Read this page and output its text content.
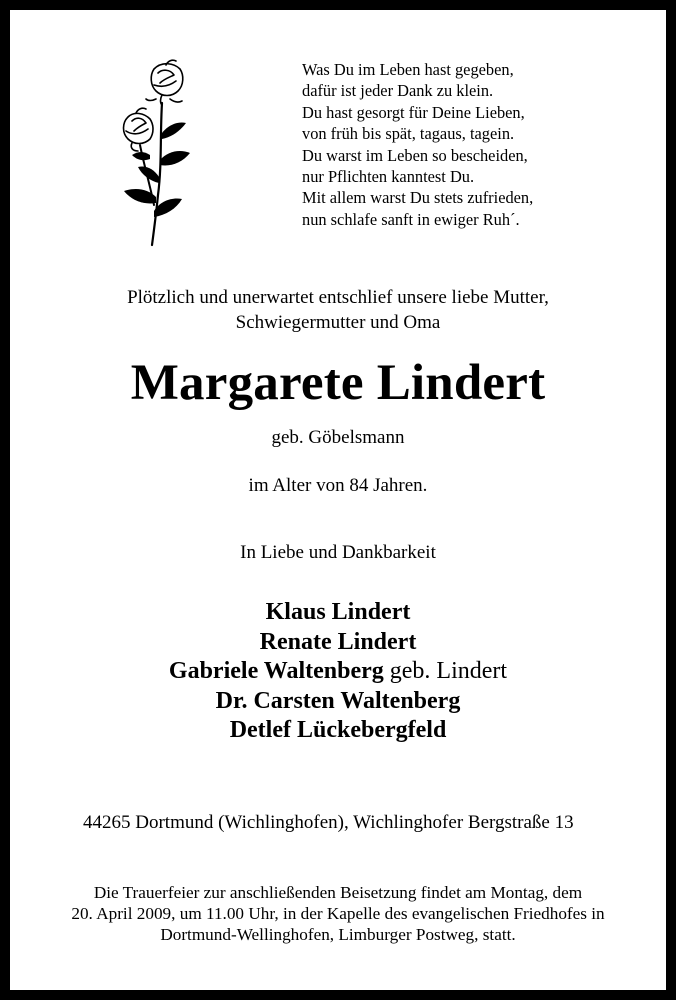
Was Du im Leben hast gegeben,
dafür ist jeder Dank zu klein.
Du hast gesorgt für Deine Lieben,
von früh bis spät, tagaus, tagein.
Du warst im Leben so bescheiden,
nur Pflichten kanntest Du.
Mit allem warst Du stets zufrieden,
nun schlafe sanft in ewiger Ruh´.
Plötzlich und unerwartet entschlief unsere liebe Mutter,
Schwiegermutter und Oma
Margarete Lindert
geb. Göbelsmann
im Alter von 84 Jahren.
In Liebe und Dankbarkeit
Klaus Lindert
Renate Lindert
Gabriele Waltenberg geb. Lindert
Dr. Carsten Waltenberg
Detlef Lückebergfeld
44265 Dortmund (Wichlinghofen), Wichlinghofer Bergstraße 13
Die Trauerfeier zur anschließenden Beisetzung findet am Montag, dem
20. April 2009, um 11.00 Uhr, in der Kapelle des evangelischen Friedhofes in
Dortmund-Wellinghofen, Limburger Postweg, statt.
